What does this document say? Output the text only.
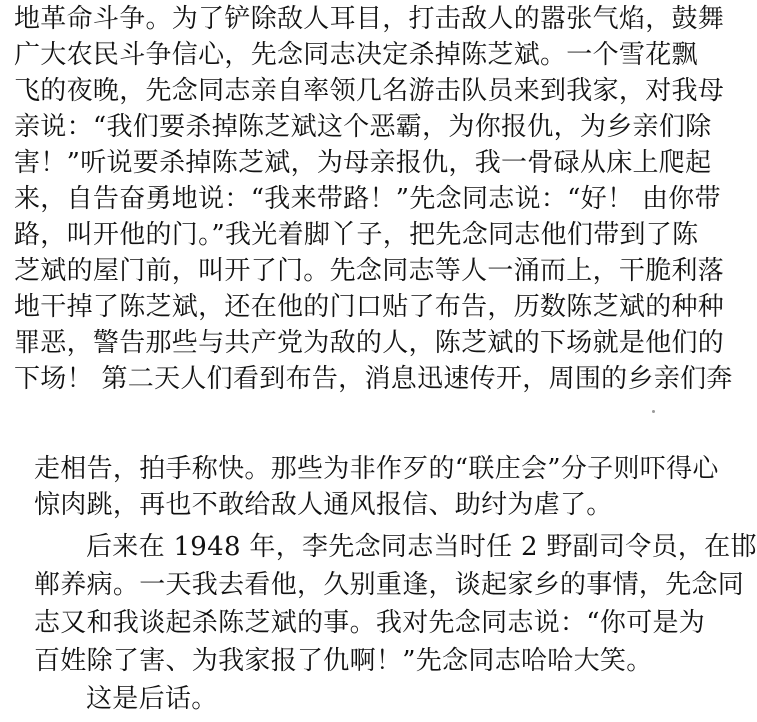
地革命斗争。为了铲除敌人耳目，打击敌人的嚣张气焰，鼓舞
广大农民斗争信心，先念同志决定杀掉陈芝斌。一个雪花飘
飞的夜晚，先念同志亲自率领几名游击队员来到我家，对我母
亲说：“我们要杀掉陈芝斌这个恶霸，为你报仇，为乡亲们除
害！”听说要杀掉陈芝斌，为母亲报仇，我一骨碌从床上爬起
来，自告奋勇地说：“我来带路！”先念同志说：“好！ 由你带
路，叫开他的门。”我光着脚丫子，把先念同志他们带到了陈
芝斌的屋门前，叫开了门。先念同志等人一涌而上，干脆利落
地干掉了陈芝斌，还在他的门口贴了布告，历数陈芝斌的种种
罪恶，警告那些与共产党为敌的人，陈芝斌的下场就是他们的
下场！ 第二天人们看到布告，消息迅速传开，周围的乡亲们奔
走相告，拍手称快。那些为非作歹的“联庄会”分子则吓得心
惊肉跳，再也不敢给敌人通风报信、助纣为虐了。
后来在 1948 年，李先念同志当时任 2 野副司令员，在邯
郸养病。一天我去看他，久别重逢，谈起家乡的事情，先念同
志又和我谈起杀陈芝斌的事。我对先念同志说：“你可是为
百姓除了害、为我家报了仇啊！”先念同志哈哈大笑。
这是后话。
